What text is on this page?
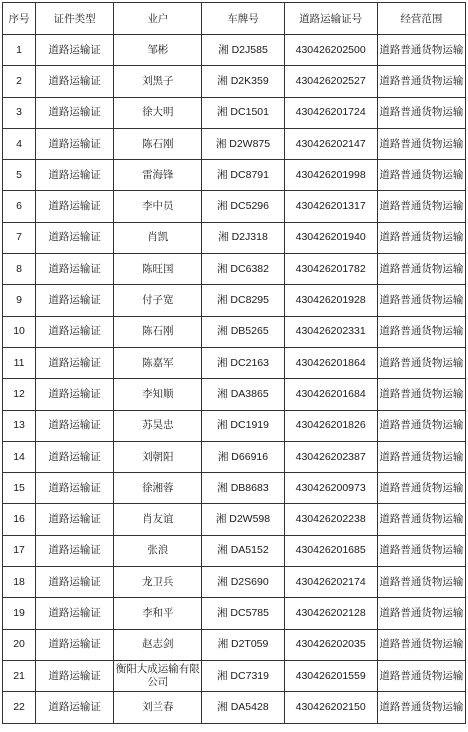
序号	证件类型	业户	车牌号	道路运输证号	经营范围
1	道路运输证	邹彬	湘 D2J585	430426202500	道路普通货物运输
2	道路运输证	刘黑子	湘 D2K359	430426202527	道路普通货物运输
3	道路运输证	徐大明	湘 DC1501	430426201724	道路普通货物运输
4	道路运输证	陈石刚	湘 D2W875	430426202147	道路普通货物运输
5	道路运输证	雷海锋	湘 DC8791	430426201998	道路普通货物运输
6	道路运输证	李中员	湘 DC5296	430426201317	道路普通货物运输
7	道路运输证	肖凯	湘 D2J318	430426201940	道路普通货物运输
8	道路运输证	陈旺国	湘 DC6382	430426201782	道路普通货物运输
9	道路运输证	付子宽	湘 DC8295	430426201928	道路普通货物运输
10	道路运输证	陈石刚	湘 DB5265	430426202331	道路普通货物运输
11	道路运输证	陈嘉军	湘 DC2163	430426201864	道路普通货物运输
12	道路运输证	李知顺	湘 DA3865	430426201684	道路普通货物运输
13	道路运输证	苏昊忠	湘 DC1919	430426201826	道路普通货物运输
14	道路运输证	刘朝阳	湘 D66916	430426202387	道路普通货物运输
15	道路运输证	徐湘蓉	湘 DB8683	430426200973	道路普通货物运输
16	道路运输证	肖友谊	湘 D2W598	430426202238	道路普通货物运输
17	道路运输证	张浪	湘 DA5152	430426201685	道路普通货物运输
18	道路运输证	龙卫兵	湘 D2S690	430426202174	道路普通货物运输
19	道路运输证	李和平	湘 DC5785	430426202128	道路普通货物运输
20	道路运输证	赵志剑	湘 D2T059	430426202035	道路普通货物运输
21	道路运输证	衡阳大成运输有限公司	湘 DC7319	430426201559	道路普通货物运输
22	道路运输证	刘兰春	湘 DA5428	430426202150	道路普通货物运输
